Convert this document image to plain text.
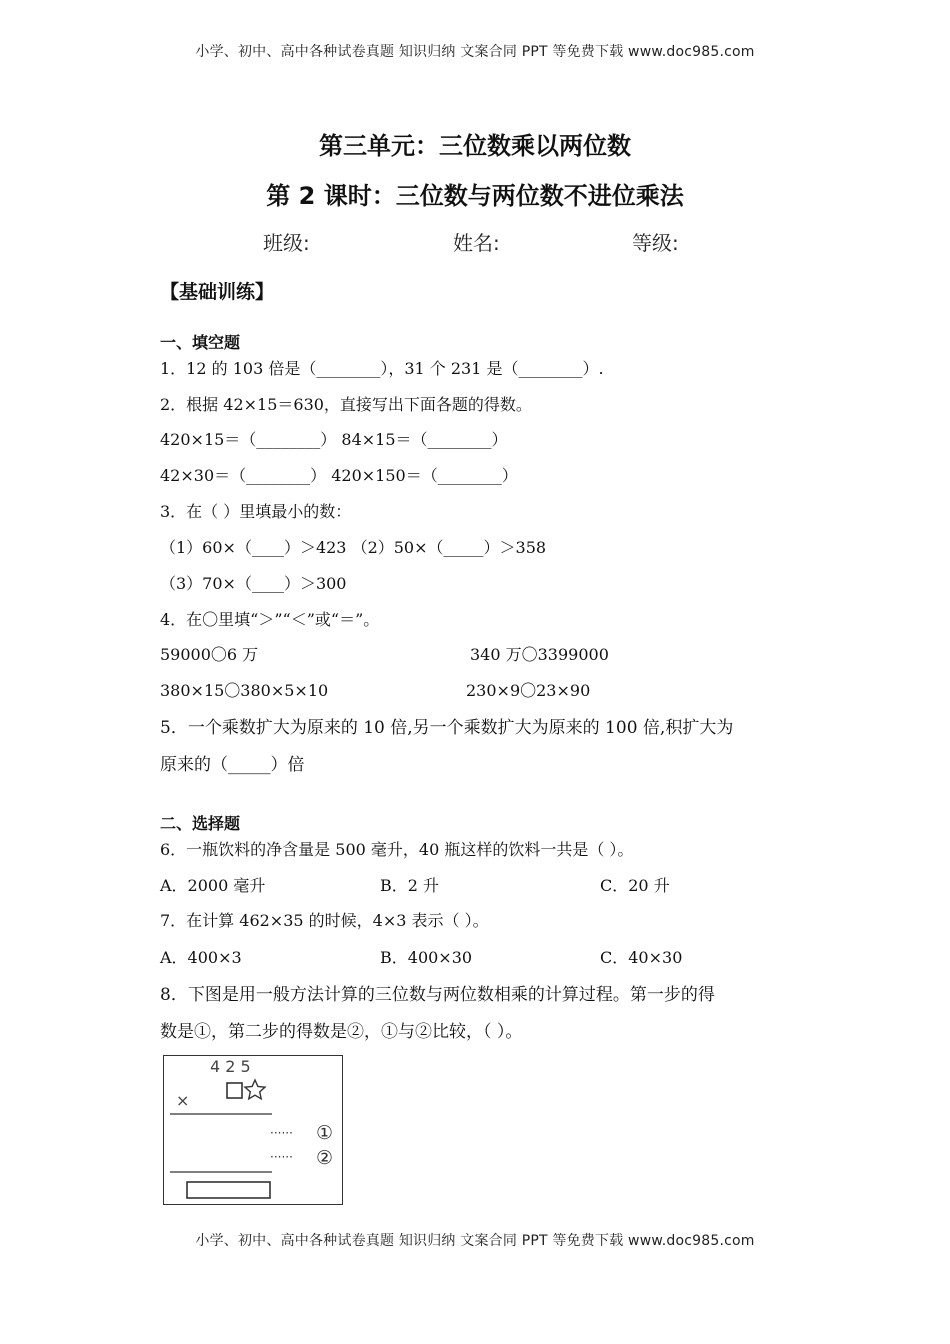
小学、初中、高中各种试卷真题 知识归纳 文案合同 PPT 等免费下载 www.doc985.com
第三单元：三位数乘以两位数
第 2 课时：三位数与两位数不进位乘法
班级:	姓名:	等级:
【基础训练】
一、填空题
1．12 的 103 倍是（________），31 个 231 是（________）.
2．根据 42×15＝630，直接写出下面各题的得数。
420×15＝（________） 84×15＝（________）
42×30＝（________） 420×150＝（________）
3．在（ ）里填最小的数：
（1）60×（____）＞423 （2）50×（_____）＞358
（3）70×（____）＞300
4．在〇里填“＞”“＜”或“＝”。
59000〇6 万	340 万〇3399000
380×15〇380×5×10	230×9〇23×90
5．一个乘数扩大为原来的 10 倍,另一个乘数扩大为原来的 100 倍,积扩大为
原来的（_____）倍
二、选择题
6．一瓶饮料的净含量是 500 毫升，40 瓶这样的饮料一共是（ ）。
A．2000 毫升	B．2 升	C．20 升
7．在计算 462×35 的时候，4×3 表示（ ）。
A．400×3	B．400×30	C．40×30
8．下图是用一般方法计算的三位数与两位数相乘的计算过程。第一步的得
数是①，第二步的得数是②，①与②比较，（ ）。
4 2 5
×
······ ①
······ ②
小学、初中、高中各种试卷真题 知识归纳 文案合同 PPT 等免费下载 www.doc985.com
